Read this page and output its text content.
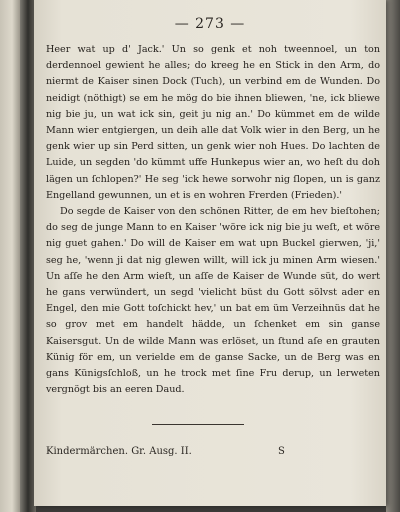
— 273 —

Heer wat up d' Jack.' Un so genk et noh tweennoel, un ton derdennoel gewient he alles; do kreeg he en Stick in den Arm, do niermt de Kaiser sinen Dock (Tuch), un verbind em de Wunden. Do neidigt (nöthigt) se em he mög do bie ihnen bliewen, 'ne, ick bliewe nig bie ju, un wat ick sin, geit ju nig an.' Do kümmet em de wilde Mann wier entgiergen, un deih alle dat Volk wier in den Berg, un he genk wier up sin Perd sitten, un genk wier noh Hues. Do lachten de Luide, un segden 'do kümmt uffe Hunkepus wier an, wo heſt du doh lägen un ſchlopen?' He seg 'ick hewe sorwohr nig ſlopen, un is ganz Engelland gewunnen, un et is en wohren Frerden (Frieden).'

Do segde de Kaiser von den schönen Ritter, de em hev bieſtohen; do seg de junge Mann to en Kaiser 'wöre ick nig bie ju weſt, et wöre nig guet gahen.' Do will de Kaiser em wat upn Buckel gierwen, 'ji,' seg he, 'wenn ji dat nig glewen willt, will ick ju minen Arm wiesen.' Un aſſe he den Arm wieſt, un aſſe de Kaiser de Wunde süt, do wert he gans verwündert, un segd 'vielicht büst du Gott sölvst ader en Engel, den mie Gott toſchickt hev,' un bat em üm Verzeihnüs dat he so grov met em handelt hädde, un ſchenket em sin ganse Kaisersgut. Un de wilde Mann was erlöset, un ſtund aſe en grauten Künig för em, un verielde em de ganse Sacke, un de Berg was en gans Künigsſchloß, un he trock met ſine Fru derup, un lerweten vergnögt bis an eeren Daud.

Kindermärchen. Gr. Ausg. II.	S
